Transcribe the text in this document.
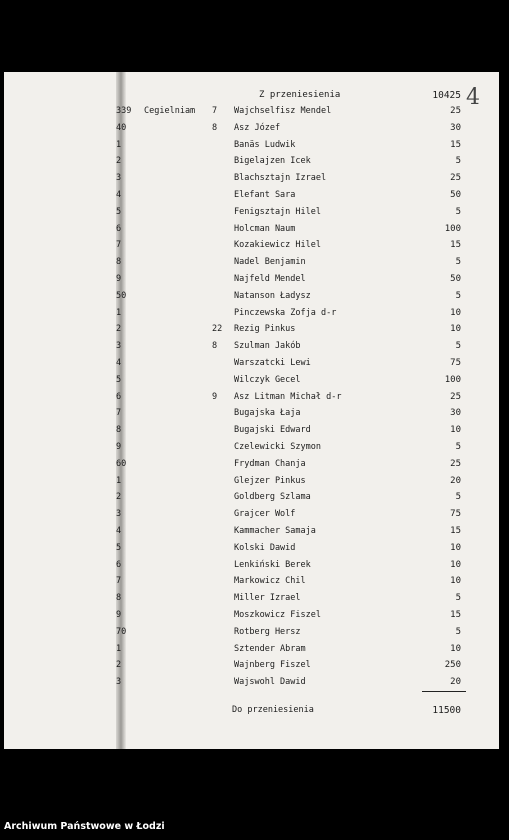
Z przeniesienia	10425 4
339 Cegielniam 7 Wajchselfisz Mendel	25
40	8 Asz Józef	30
1	Banäs Ludwik	15
2	Bigelajzen Icek	5
3	Blachsztajn Izrael	25
4	Elefant Sara	50
5	Fenigsztajn Hilel	5
6	Holcman Naum	100
7	Kozakiewicz Hilel	15
8	Nadel Benjamin	5
9	Najfeld Mendel	50
50	Natanson Ładysz	5
1	Pinczewska Zofja d-r	10
2	22 Rezig Pinkus	10
3	8 Szulman Jakób	5
4	Warszatcki Lewi	75
5	Wilczyk Gecel	100
6	9 Asz Litman Michał d-r	25
7	Bugajska Łaja	30
8	Bugajski Edward	10
9	Czelewicki Szymon	5
60	Frydman Chanja	25
1	Glejzer Pinkus	20
2	Goldberg Szlama	5
3	Grajcer Wolf	75
4	Kammacher Samaja	15
5	Kolski Dawid	10
6	Lenkiński Berek	10
7	Markowicz Chil	10
8	Miller Izrael	5
9	Moszkowicz Fiszel	15
70	Rotberg Hersz	5
1	Sztender Abram	10
2	Wajnberg Fiszel	250
3	Wajswohl Dawid	20
Do przeniesienia	11500
Archiwum Państwowe w Łodzi
